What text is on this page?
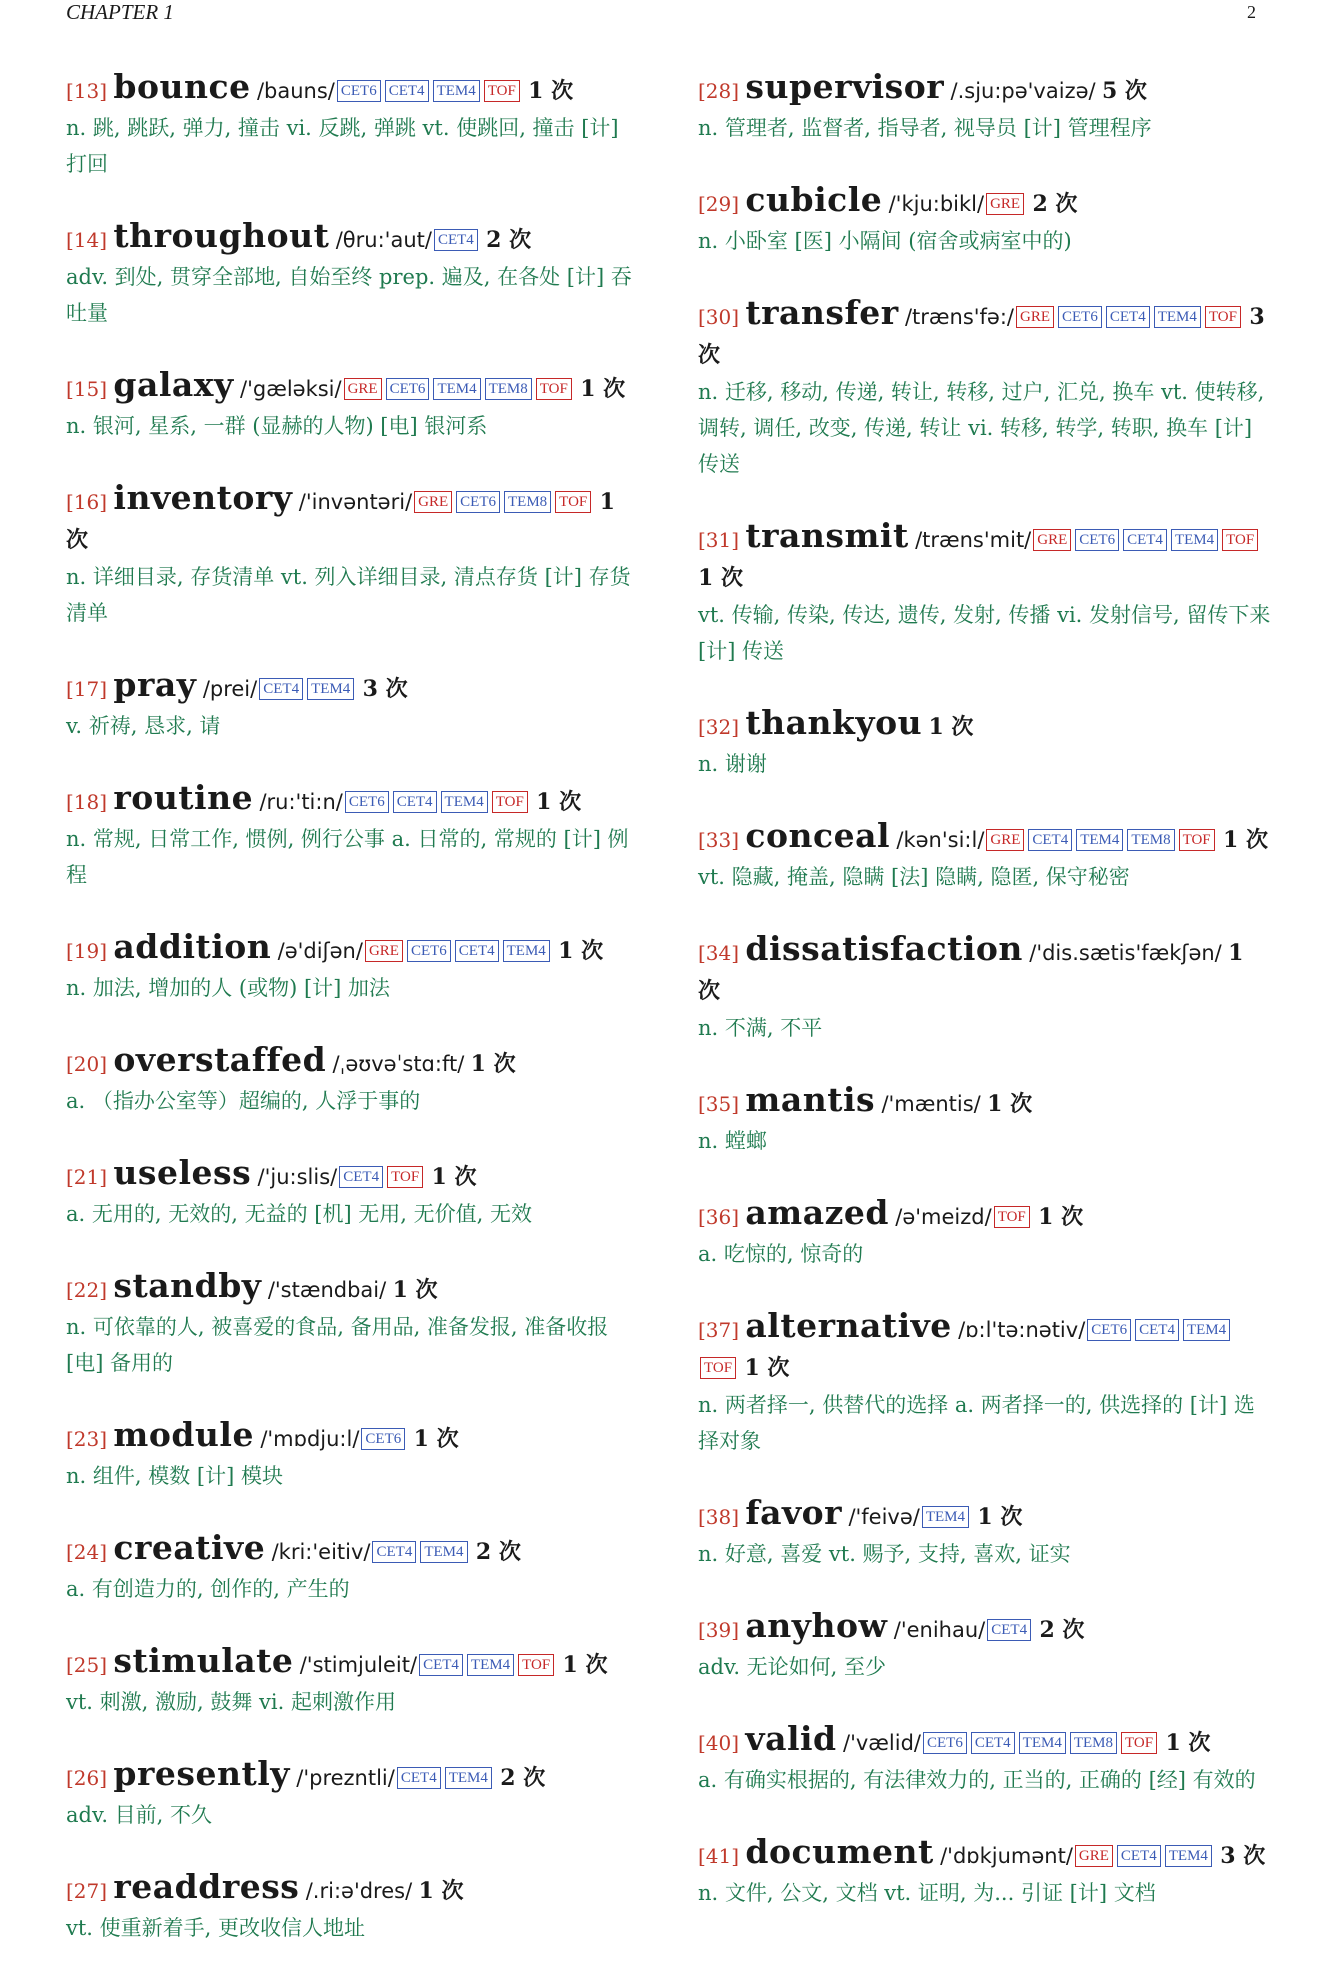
CHAPTER 1	2
[13] bounce /bauns/ CET6 CET4 TEM4 TOF 1 次
n. 跳, 跳跃, 弹力, 撞击 vi. 反跳, 弹跳 vt. 使跳回, 撞击 [计] 打回
[14] throughout /θru:'aut/ CET4 2 次
adv. 到处, 贯穿全部地, 自始至终 prep. 遍及, 在各处 [计] 吞吐量
[15] galaxy /'gæləksi/ GRE CET6 TEM4 TEM8 TOF 1 次
n. 银河, 星系, 一群 (显赫的人物) [电] 银河系
[16] inventory /'invəntəri/ GRE CET6 TEM8 TOF 1 次
n. 详细目录, 存货清单 vt. 列入详细目录, 清点存货 [计] 存货清单
[17] pray /prei/ CET4 TEM4 3 次
v. 祈祷, 恳求, 请
[18] routine /ru:'ti:n/ CET6 CET4 TEM4 TOF 1 次
n. 常规, 日常工作, 惯例, 例行公事 a. 日常的, 常规的 [计] 例程
[19] addition /ə'diʃən/ GRE CET6 CET4 TEM4 1 次
n. 加法, 增加的人 (或物) [计] 加法
[20] overstaffed /ˌəʊvəˈstɑ:ft/ 1 次
a. （指办公室等）超编的, 人浮于事的
[21] useless /'ju:slis/ CET4 TOF 1 次
a. 无用的, 无效的, 无益的 [机] 无用, 无价值, 无效
[22] standby /'stændbai/ 1 次
n. 可依靠的人, 被喜爱的食品, 备用品, 准备发报, 准备收报 [电] 备用的
[23] module /'mɒdju:l/ CET6 1 次
n. 组件, 模数 [计] 模块
[24] creative /kri:'eitiv/ CET4 TEM4 2 次
a. 有创造力的, 创作的, 产生的
[25] stimulate /'stimjuleit/ CET4 TEM4 TOF 1 次
vt. 刺激, 激励, 鼓舞 vi. 起刺激作用
[26] presently /'prezntli/ CET4 TEM4 2 次
adv. 目前, 不久
[27] readdress /.ri:ə'dres/ 1 次
vt. 使重新着手, 更改收信人地址
[28] supervisor /.sju:pə'vaizə/ 5 次
n. 管理者, 监督者, 指导者, 视导员 [计] 管理程序
[29] cubicle /'kju:bikl/ GRE 2 次
n. 小卧室 [医] 小隔间 (宿舍或病室中的)
[30] transfer /træns'fə:/ GRE CET6 CET4 TEM4 TOF 3 次
n. 迁移, 移动, 传递, 转让, 转移, 过户, 汇兑, 换车 vt. 使转移, 调转, 调任, 改变, 传递, 转让 vi. 转移, 转学, 转职, 换车 [计] 传送
[31] transmit /træns'mit/ GRE CET6 CET4 TEM4 TOF 1 次
vt. 传输, 传染, 传达, 遗传, 发射, 传播 vi. 发射信号, 留传下来 [计] 传送
[32] thankyou 1 次
n. 谢谢
[33] conceal /kən'si:l/ GRE CET4 TEM4 TEM8 TOF 1 次
vt. 隐藏, 掩盖, 隐瞒 [法] 隐瞒, 隐匿, 保守秘密
[34] dissatisfaction /'dis.sætis'fækʃən/ 1 次
n. 不满, 不平
[35] mantis /'mæntis/ 1 次
n. 螳螂
[36] amazed /ə'meizd/ TOF 1 次
a. 吃惊的, 惊奇的
[37] alternative /ɒ:l'tə:nətiv/ CET6 CET4 TEM4TOF 1 次
n. 两者择一, 供替代的选择 a. 两者择一的, 供选择的 [计] 选择对象
[38] favor /'feivə/ TEM4 1 次
n. 好意, 喜爱 vt. 赐予, 支持, 喜欢, 证实
[39] anyhow /'enihau/ CET4 2 次
adv. 无论如何, 至少
[40] valid /'vælid/ CET6 CET4 TEM4 TEM8 TOF 1 次
a. 有确实根据的, 有法律效力的, 正当的, 正确的 [经] 有效的
[41] document /'dɒkjumənt/ GRE CET4 TEM4 3 次
n. 文件, 公文, 文档 vt. 证明, 为... 引证 [计] 文档
